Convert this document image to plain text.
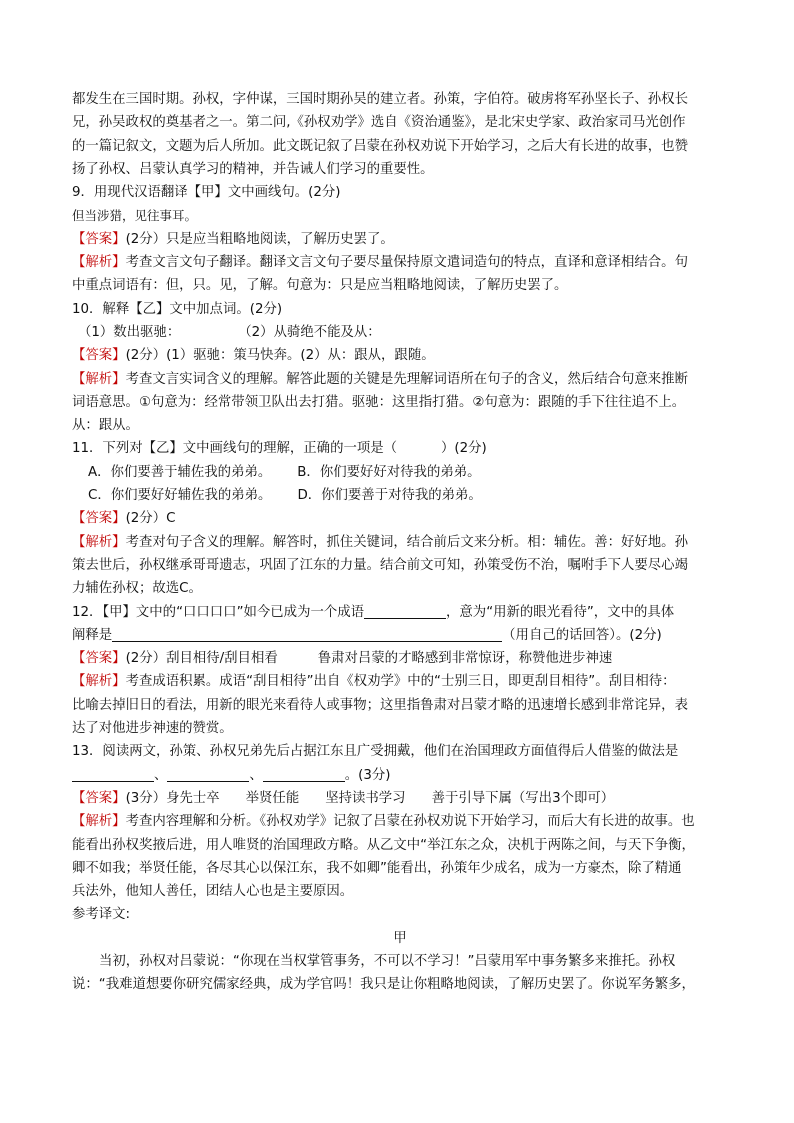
都发生在三国时期。孙权，字仲谋，三国时期孙吴的建立者。孙策，字伯符。破虏将军孙坚长子、孙权长
兄，孙吴政权的奠基者之一。第二问,《孙权劝学》选自《资治通鉴》，是北宋史学家、政治家司马光创作
的一篇记叙文，文题为后人所加。此文既记叙了吕蒙在孙权劝说下开始学习，之后大有长进的故事，也赞
扬了孙权、吕蒙认真学习的精神，并告诫人们学习的重要性。
9．用现代汉语翻译【甲】文中画线句。(2分)
但当涉猎，见往事耳。
【答案】(2分）只是应当粗略地阅读，了解历史罢了。
【解析】考查文言文句子翻译。翻译文言文句子要尽量保持原文遣词造句的特点，直译和意译相结合。句
中重点词语有：但，只。见，了解。句意为：只是应当粗略地阅读，了解历史罢了。
10．解释【乙】文中加点词。(2分)
（1）数出驱驰：	（2）从骑绝不能及从：
【答案】(2分）(1）驱驰：策马快奔。(2）从：跟从，跟随。
【解析】考查文言实词含义的理解。解答此题的关键是先理解词语所在句子的含义，然后结合句意来推断
词语意思。①句意为：经常带领卫队出去打猎。驱驰：这里指打猎。②句意为：跟随的手下往往追不上。
从：跟从。
11．下列对【乙】文中画线句的理解，正确的一项是（	）(2分)
A．你们要善于辅佐我的弟弟。 B．你们要好好对待我的弟弟。
C．你们要好好辅佐我的弟弟。 D．你们要善于对待我的弟弟。
【答案】(2分）C
【解析】考查对句子含义的理解。解答时，抓住关键词，结合前后文来分析。相：辅佐。善：好好地。孙
策去世后，孙权继承哥哥遗志，巩固了江东的力量。结合前文可知，孙策受伤不治，嘱咐手下人要尽心竭
力辅佐孙权；故选C。
12．【甲】文中的“口口口口”如今已成为一个成语	，意为“用新的眼光看待”，文中的具体
阐释是	（用自己的话回答）。(2分)
【答案】(2分）刮目相待/刮目相看	鲁肃对吕蒙的才略感到非常惊讶，称赞他进步神速
【解析】考查成语积累。成语“刮目相待”出自《权劝学》中的“士别三日，即更刮目相待”。刮目相待：
比喻去掉旧日的看法，用新的眼光来看待人或事物；这里指鲁肃对吕蒙才略的迅速增长感到非常诧异，表
达了对他进步神速的赞赏。
13．阅读两文，孙策、孙权兄弟先后占据江东且广受拥戴，他们在治国理政方面值得后人借鉴的做法是
、	、	。(3分)
【答案】(3分）身先士卒 举贤任能 坚持读书学习 善于引导下属（写出3个即可）
【解析】考查内容理解和分析。《孙权劝学》记叙了吕蒙在孙权劝说下开始学习，而后大有长进的故事。也
能看出孙权奖掖后进，用人唯贤的治国理政方略。从乙文中“举江东之众，决机于两陈之间，与天下争衡，
卿不如我；举贤任能，各尽其心以保江东，我不如卿”能看出，孙策年少成名，成为一方豪杰，除了精通
兵法外，他知人善任，团结人心也是主要原因。
参考译文:
甲
当初，孙权对吕蒙说：“你现在当权掌管事务，不可以不学习！”吕蒙用军中事务繁多来推托。孙权
说：“我难道想要你研究儒家经典，成为学官吗！我只是让你粗略地阅读，了解历史罢了。你说军务繁多，
